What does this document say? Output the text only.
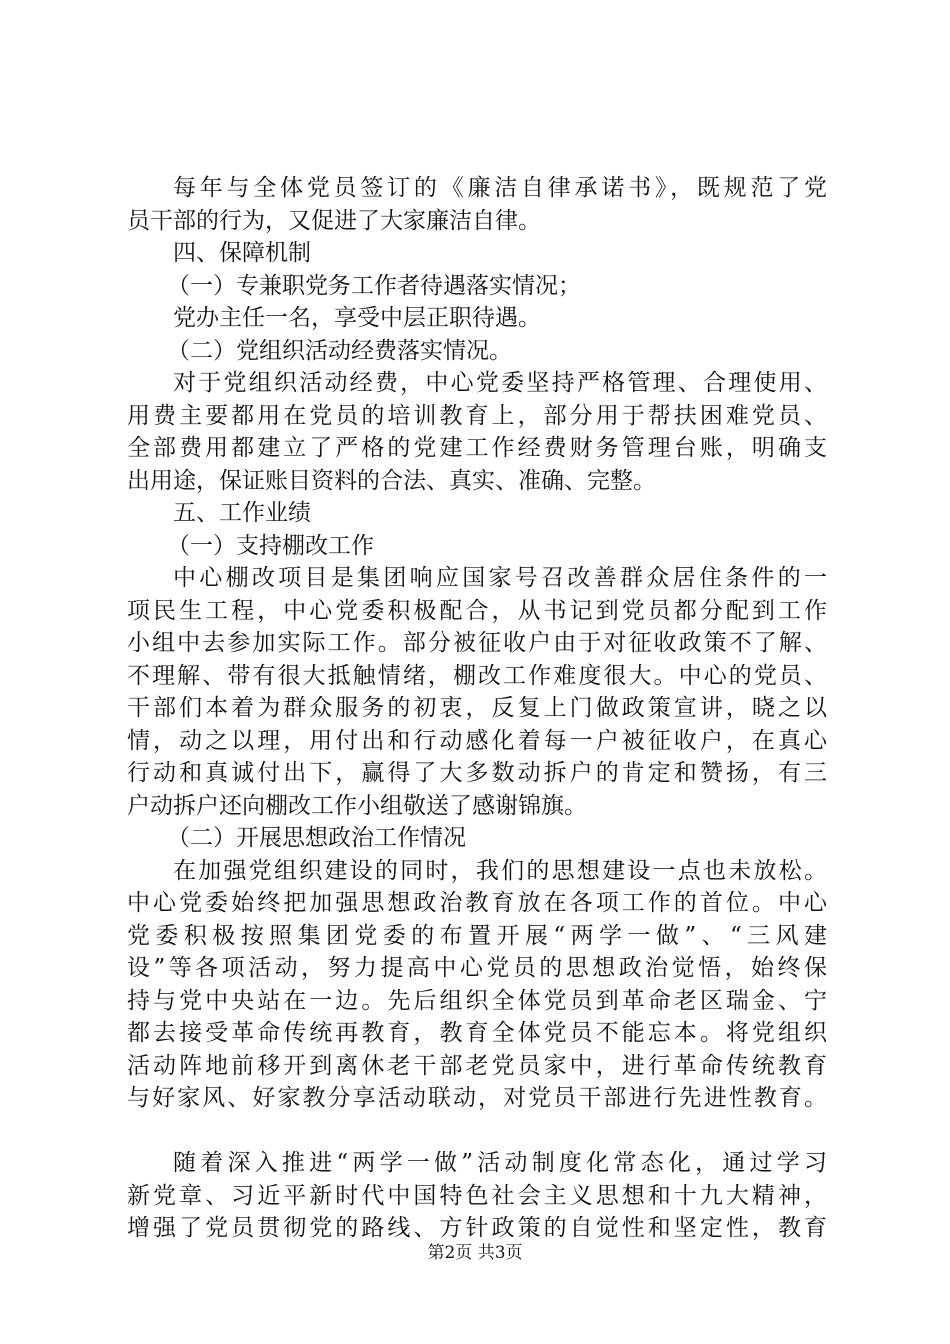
每年与全体党员签订的《廉洁自律承诺书》，既规范了党
员干部的行为，又促进了大家廉洁自律。
四、保障机制
（一）专兼职党务工作者待遇落实情况；
党办主任一名，享受中层正职待遇。
（二）党组织活动经费落实情况。
对于党组织活动经费，中心党委坚持严格管理、合理使用、
用费主要都用在党员的培训教育上，部分用于帮扶困难党员、
全部费用都建立了严格的党建工作经费财务管理台账，明确支
出用途，保证账目资料的合法、真实、准确、完整。
五、工作业绩
（一）支持棚改工作
中心棚改项目是集团响应国家号召改善群众居住条件的一
项民生工程，中心党委积极配合，从书记到党员都分配到工作
小组中去参加实际工作。部分被征收户由于对征收政策不了解、
不理解、带有很大抵触情绪，棚改工作难度很大。中心的党员、
干部们本着为群众服务的初衷，反复上门做政策宣讲，晓之以
情，动之以理，用付出和行动感化着每一户被征收户，在真心
行动和真诚付出下，赢得了大多数动拆户的肯定和赞扬，有三
户动拆户还向棚改工作小组敬送了感谢锦旗。
（二）开展思想政治工作情况
在加强党组织建设的同时，我们的思想建设一点也未放松。
中心党委始终把加强思想政治教育放在各项工作的首位。中心
党委积极按照集团党委的布置开展“两学一做”、“三风建
设”等各项活动，努力提高中心党员的思想政治觉悟，始终保
持与党中央站在一边。先后组织全体党员到革命老区瑞金、宁
都去接受革命传统再教育，教育全体党员不能忘本。将党组织
活动阵地前移开到离休老干部老党员家中，进行革命传统教育
与好家风、好家教分享活动联动，对党员干部进行先进性教育。
随着深入推进“两学一做”活动制度化常态化，通过学习
新党章、习近平新时代中国特色社会主义思想和十九大精神，
增强了党员贯彻党的路线、方针政策的自觉性和坚定性，教育
第2页 共3页
